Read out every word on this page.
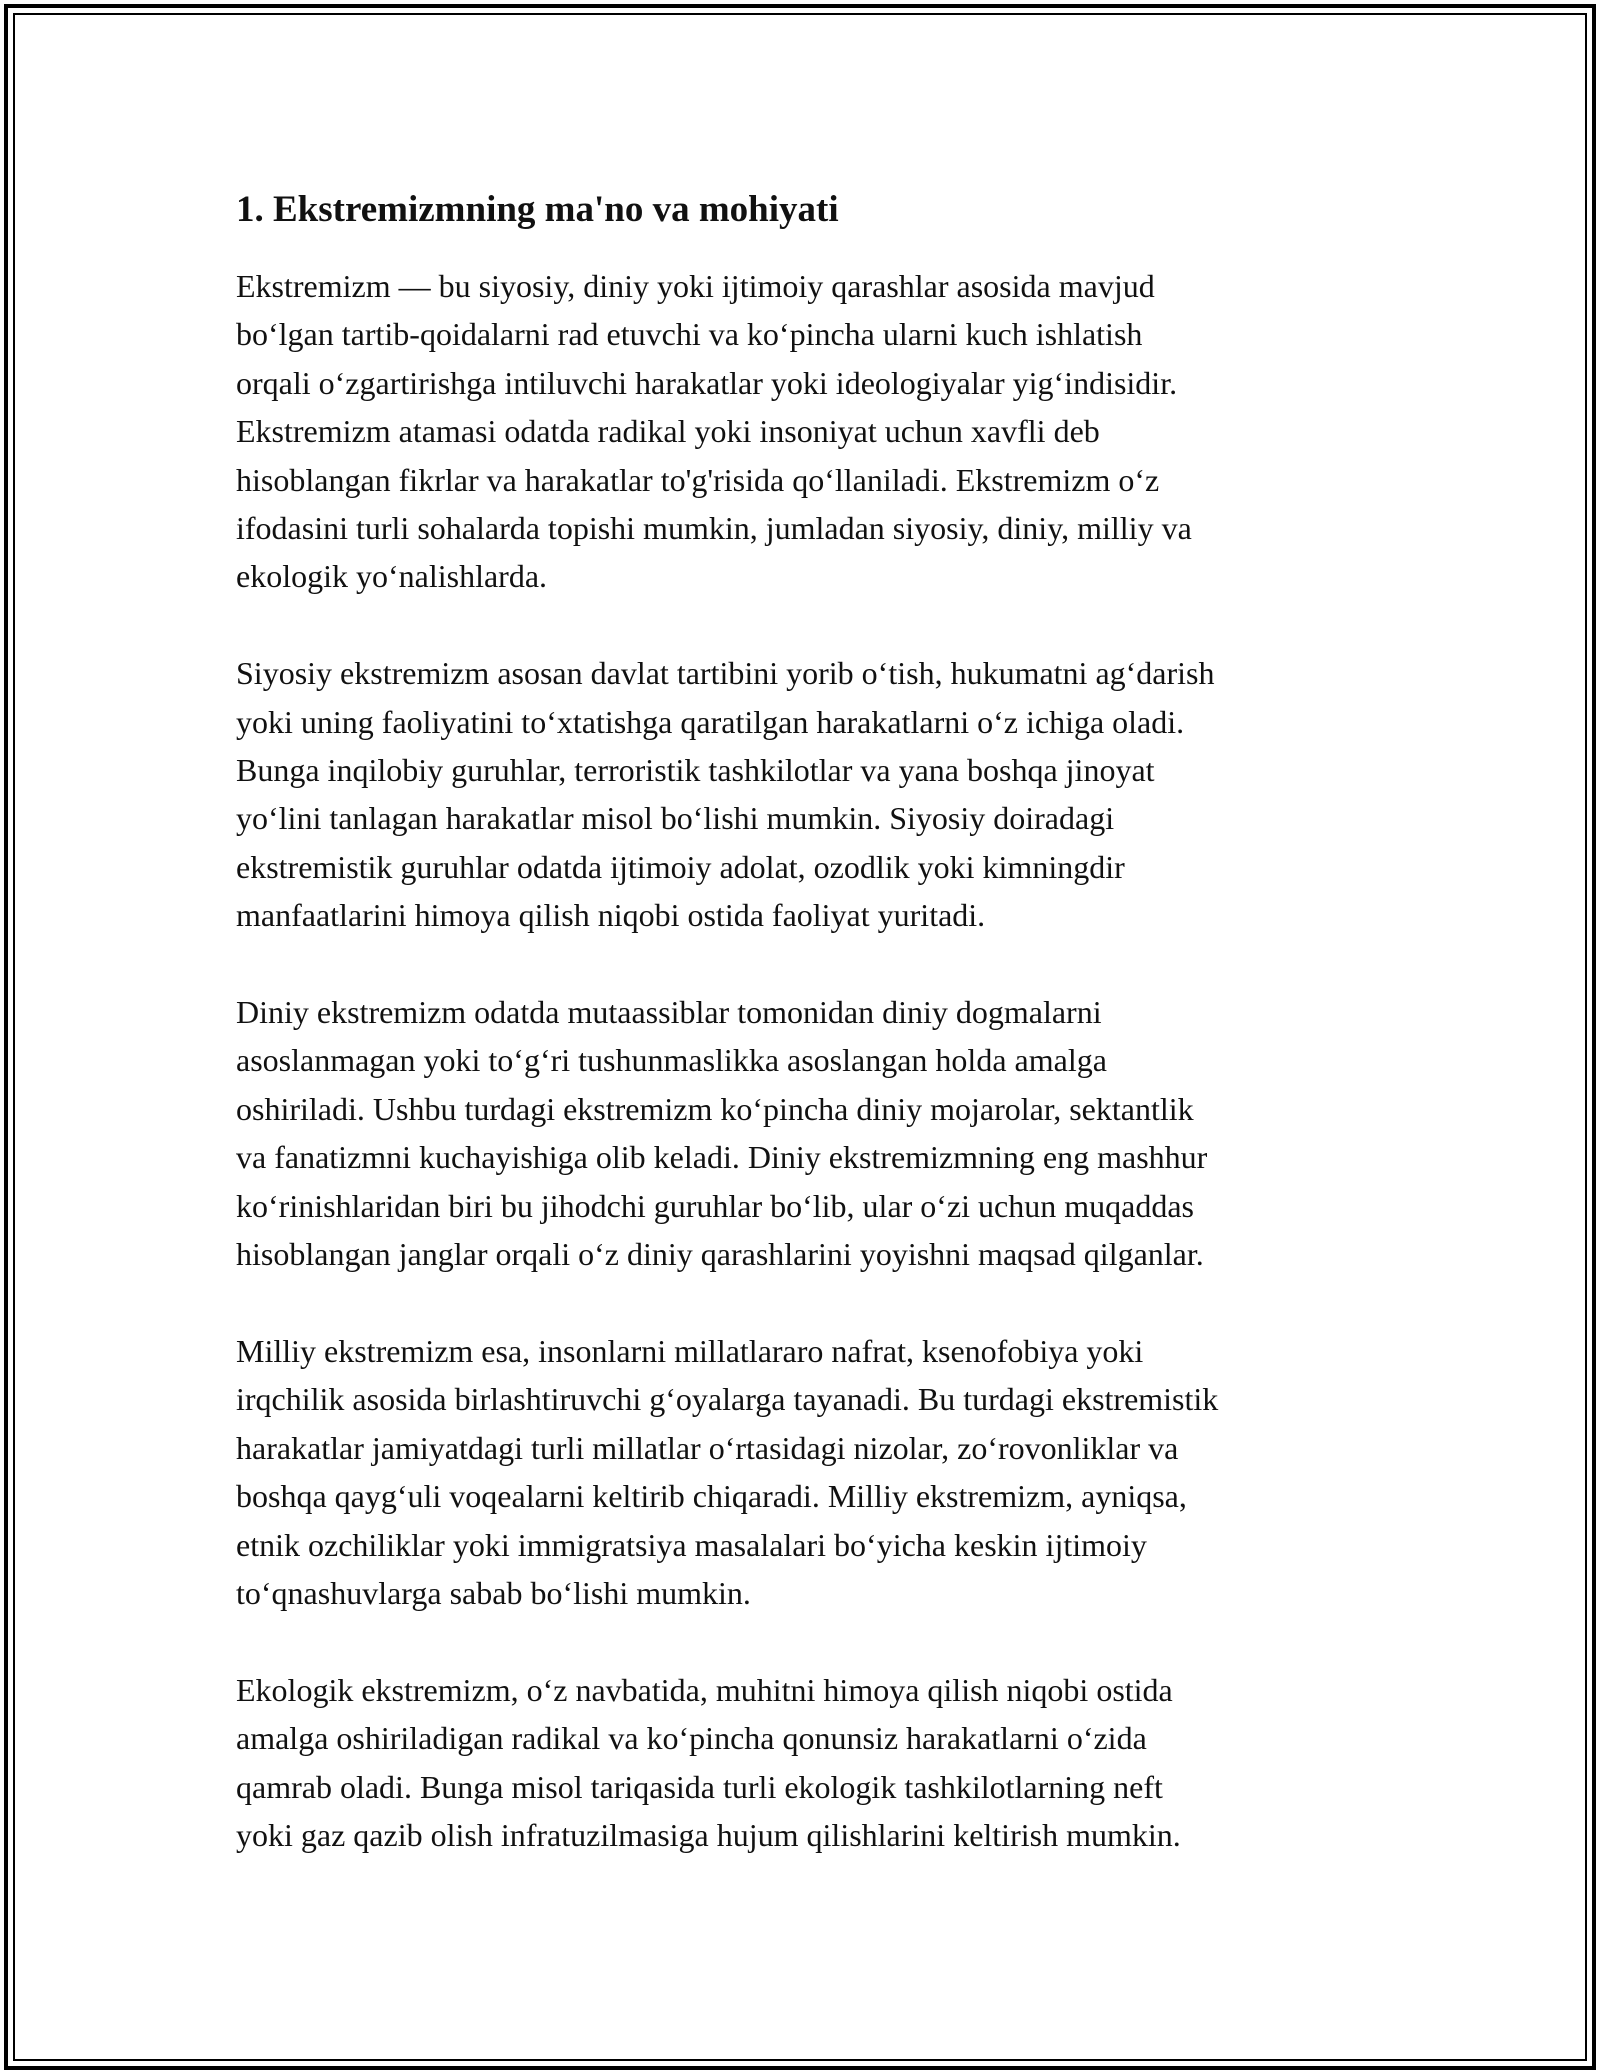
1. Ekstremizmning ma'no va mohiyati

Ekstremizm — bu siyosiy, diniy yoki ijtimoiy qarashlar asosida mavjud
bo‘lgan tartib-qoidalarni rad etuvchi va ko‘pincha ularni kuch ishlatish
orqali o‘zgartirishga intiluvchi harakatlar yoki ideologiyalar yig‘indisidir.
Ekstremizm atamasi odatda radikal yoki insoniyat uchun xavfli deb
hisoblangan fikrlar va harakatlar to'g'risida qo‘llaniladi. Ekstremizm o‘z
ifodasini turli sohalarda topishi mumkin, jumladan siyosiy, diniy, milliy va
ekologik yo‘nalishlarda.

Siyosiy ekstremizm asosan davlat tartibini yorib o‘tish, hukumatni ag‘darish
yoki uning faoliyatini to‘xtatishga qaratilgan harakatlarni o‘z ichiga oladi.
Bunga inqilobiy guruhlar, terroristik tashkilotlar va yana boshqa jinoyat
yo‘lini tanlagan harakatlar misol bo‘lishi mumkin. Siyosiy doiradagi
ekstremistik guruhlar odatda ijtimoiy adolat, ozodlik yoki kimningdir
manfaatlarini himoya qilish niqobi ostida faoliyat yuritadi.

Diniy ekstremizm odatda mutaassiblar tomonidan diniy dogmalarni
asoslanmagan yoki to‘g‘ri tushunmaslikka asoslangan holda amalga
oshiriladi. Ushbu turdagi ekstremizm ko‘pincha diniy mojarolar, sektantlik
va fanatizmni kuchayishiga olib keladi. Diniy ekstremizmning eng mashhur
ko‘rinishlaridan biri bu jihodchi guruhlar bo‘lib, ular o‘zi uchun muqaddas
hisoblangan janglar orqali o‘z diniy qarashlarini yoyishni maqsad qilganlar.

Milliy ekstremizm esa, insonlarni millatlararo nafrat, ksenofobiya yoki
irqchilik asosida birlashtiruvchi g‘oyalarga tayanadi. Bu turdagi ekstremistik
harakatlar jamiyatdagi turli millatlar o‘rtasidagi nizolar, zo‘rovonliklar va
boshqa qayg‘uli voqealarni keltirib chiqaradi. Milliy ekstremizm, ayniqsa,
etnik ozchiliklar yoki immigratsiya masalalari bo‘yicha keskin ijtimoiy
to‘qnashuvlarga sabab bo‘lishi mumkin.

Ekologik ekstremizm, o‘z navbatida, muhitni himoya qilish niqobi ostida
amalga oshiriladigan radikal va ko‘pincha qonunsiz harakatlarni o‘zida
qamrab oladi. Bunga misol tariqasida turli ekologik tashkilotlarning neft
yoki gaz qazib olish infratuzilmasiga hujum qilishlarini keltirish mumkin.
